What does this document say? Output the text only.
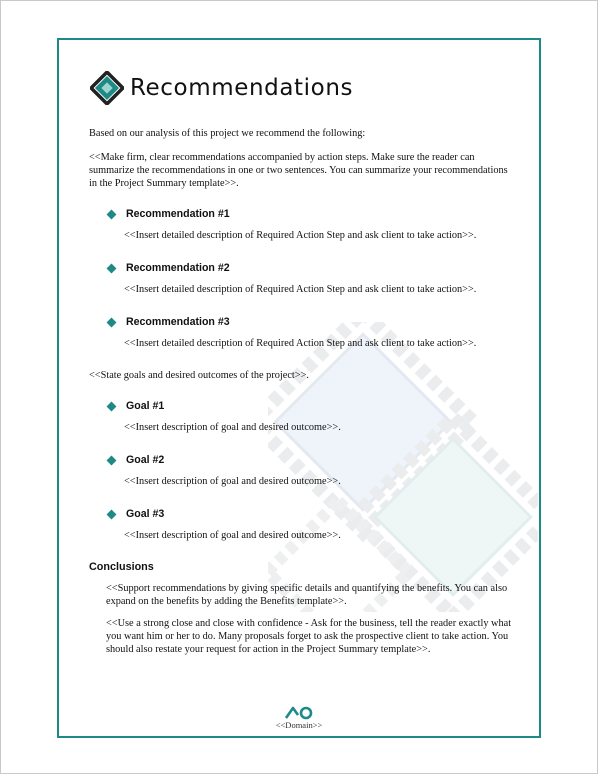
Recommendations

Based on our analysis of this project we recommend the following:

<<Make firm, clear recommendations accompanied by action steps. Make sure the reader can summarize the recommendations in one or two sentences. You can summarize your recommendations in the Project Summary template>>.

Recommendation #1

<<Insert detailed description of Required Action Step and ask client to take action>>.

Recommendation #2

<<Insert detailed description of Required Action Step and ask client to take action>>.

Recommendation #3

<<Insert detailed description of Required Action Step and ask client to take action>>.

<<State goals and desired outcomes of the project>>.

Goal #1

<<Insert description of goal and desired outcome>>.

Goal #2

<<Insert description of goal and desired outcome>>.

Goal #3

<<Insert description of goal and desired outcome>>.

Conclusions

<<Support recommendations by giving specific details and quantifying the benefits. You can also expand on the benefits by adding the Benefits template>>.

<<Use a strong close and close with confidence - Ask for the business, tell the reader exactly what you want him or her to do. Many proposals forget to ask the prospective client to take action. You should also restate your request for action in the Project Summary template>>.

<<Domain>>
